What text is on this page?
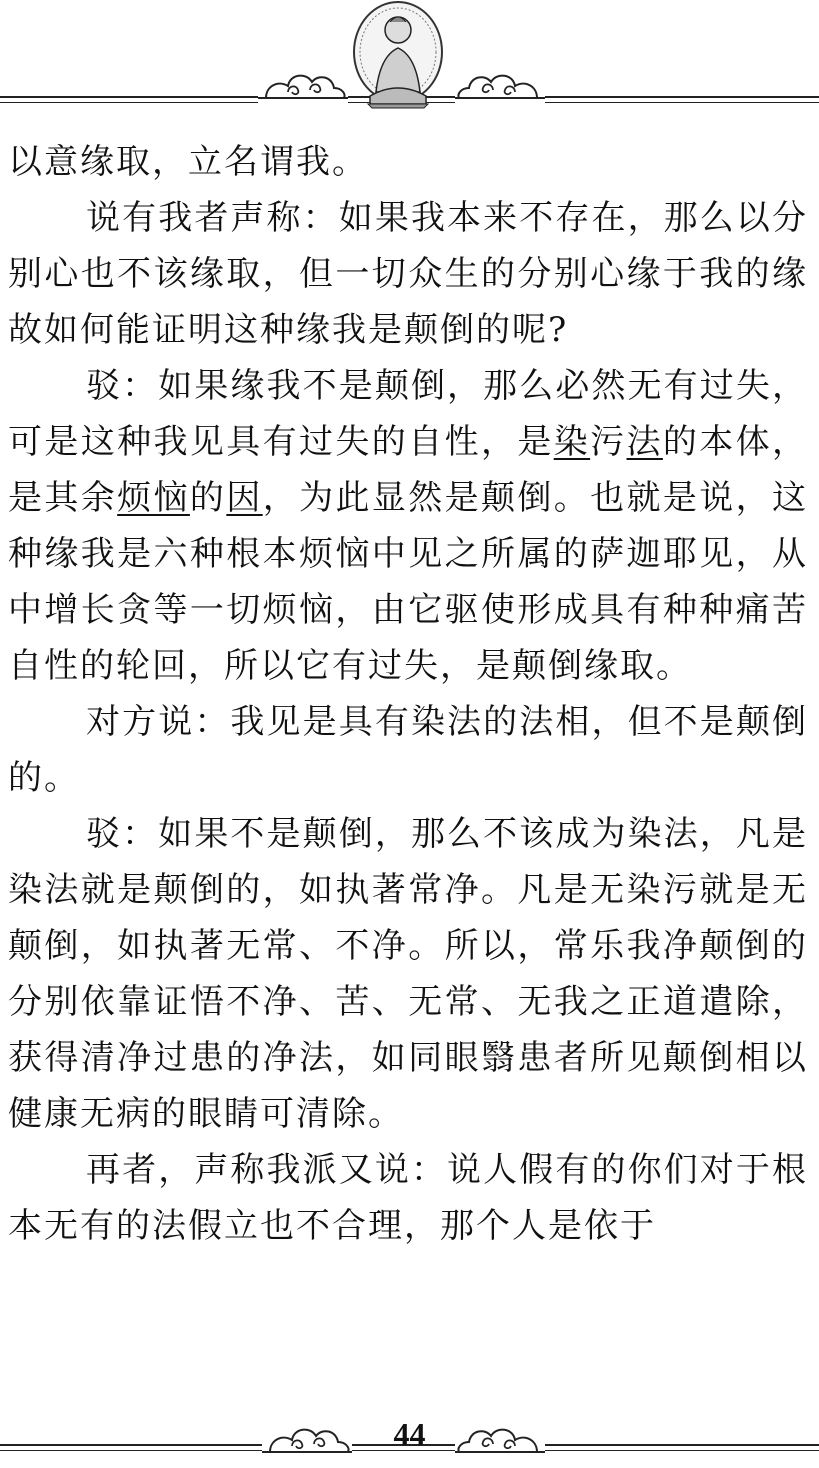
以意缘取，立名谓我。

说有我者声称：如果我本来不存在，那么以分别心也不该缘取，但一切众生的分别心缘于我的缘故如何能证明这种缘我是颠倒的呢?

驳：如果缘我不是颠倒，那么必然无有过失，可是这种我见具有过失的自性，是染污法的本体，是其余烦恼的因，为此显然是颠倒。也就是说，这种缘我是六种根本烦恼中见之所属的萨迦耶见，从中增长贪等一切烦恼，由它驱使形成具有种种痛苦自性的轮回，所以它有过失，是颠倒缘取。

对方说：我见是具有染法的法相，但不是颠倒的。

驳：如果不是颠倒，那么不该成为染法，凡是染法就是颠倒的，如执著常净。凡是无染污就是无颠倒，如执著无常、不净。所以，常乐我净颠倒的分别依靠证悟不净、苦、无常、无我之正道遣除，获得清净过患的净法，如同眼翳患者所见颠倒相以健康无病的眼睛可清除。

再者，声称我派又说：说人假有的你们对于根本无有的法假立也不合理，那个人是依于

44
